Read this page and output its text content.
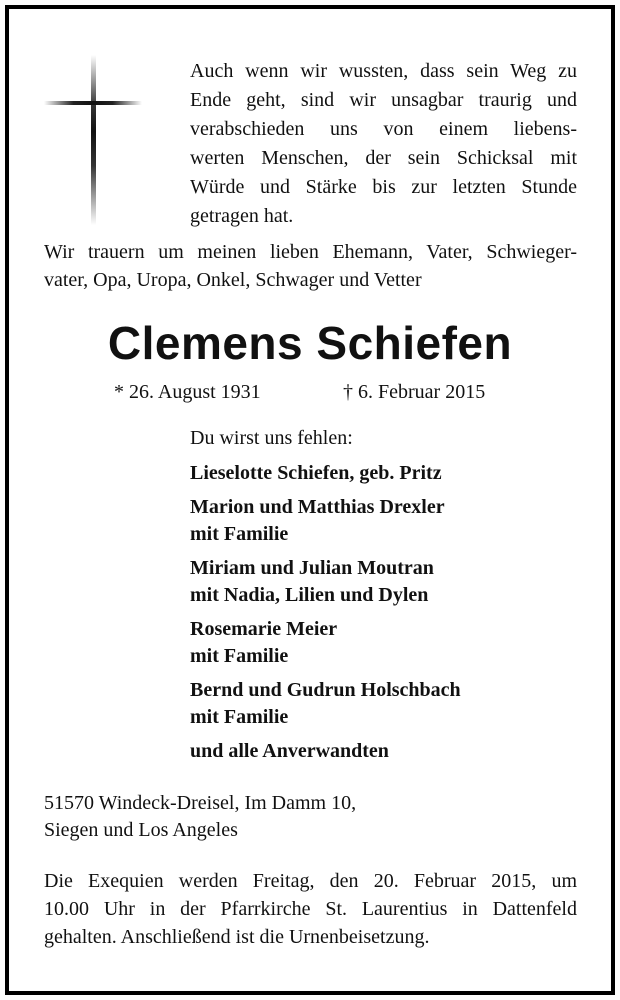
Auch wenn wir wussten, dass sein Weg zu
Ende geht, sind wir unsagbar traurig und
verabschieden uns von einem liebens-
werten Menschen, der sein Schicksal mit
Würde und Stärke bis zur letzten Stunde
getragen hat.
Wir trauern um meinen lieben Ehemann, Vater, Schwieger-
vater, Opa, Uropa, Onkel, Schwager und Vetter
Clemens Schiefen
* 26. August 1931	† 6. Februar 2015
Du wirst uns fehlen:
Lieselotte Schiefen, geb. Pritz
Marion und Matthias Drexler
mit Familie
Miriam und Julian Moutran
mit Nadia, Lilien und Dylen
Rosemarie Meier
mit Familie
Bernd und Gudrun Holschbach
mit Familie
und alle Anverwandten
51570 Windeck-Dreisel, Im Damm 10,
Siegen und Los Angeles
Die Exequien werden Freitag, den 20. Februar 2015, um
10.00 Uhr in der Pfarrkirche St. Laurentius in Dattenfeld
gehalten. Anschließend ist die Urnenbeisetzung.
